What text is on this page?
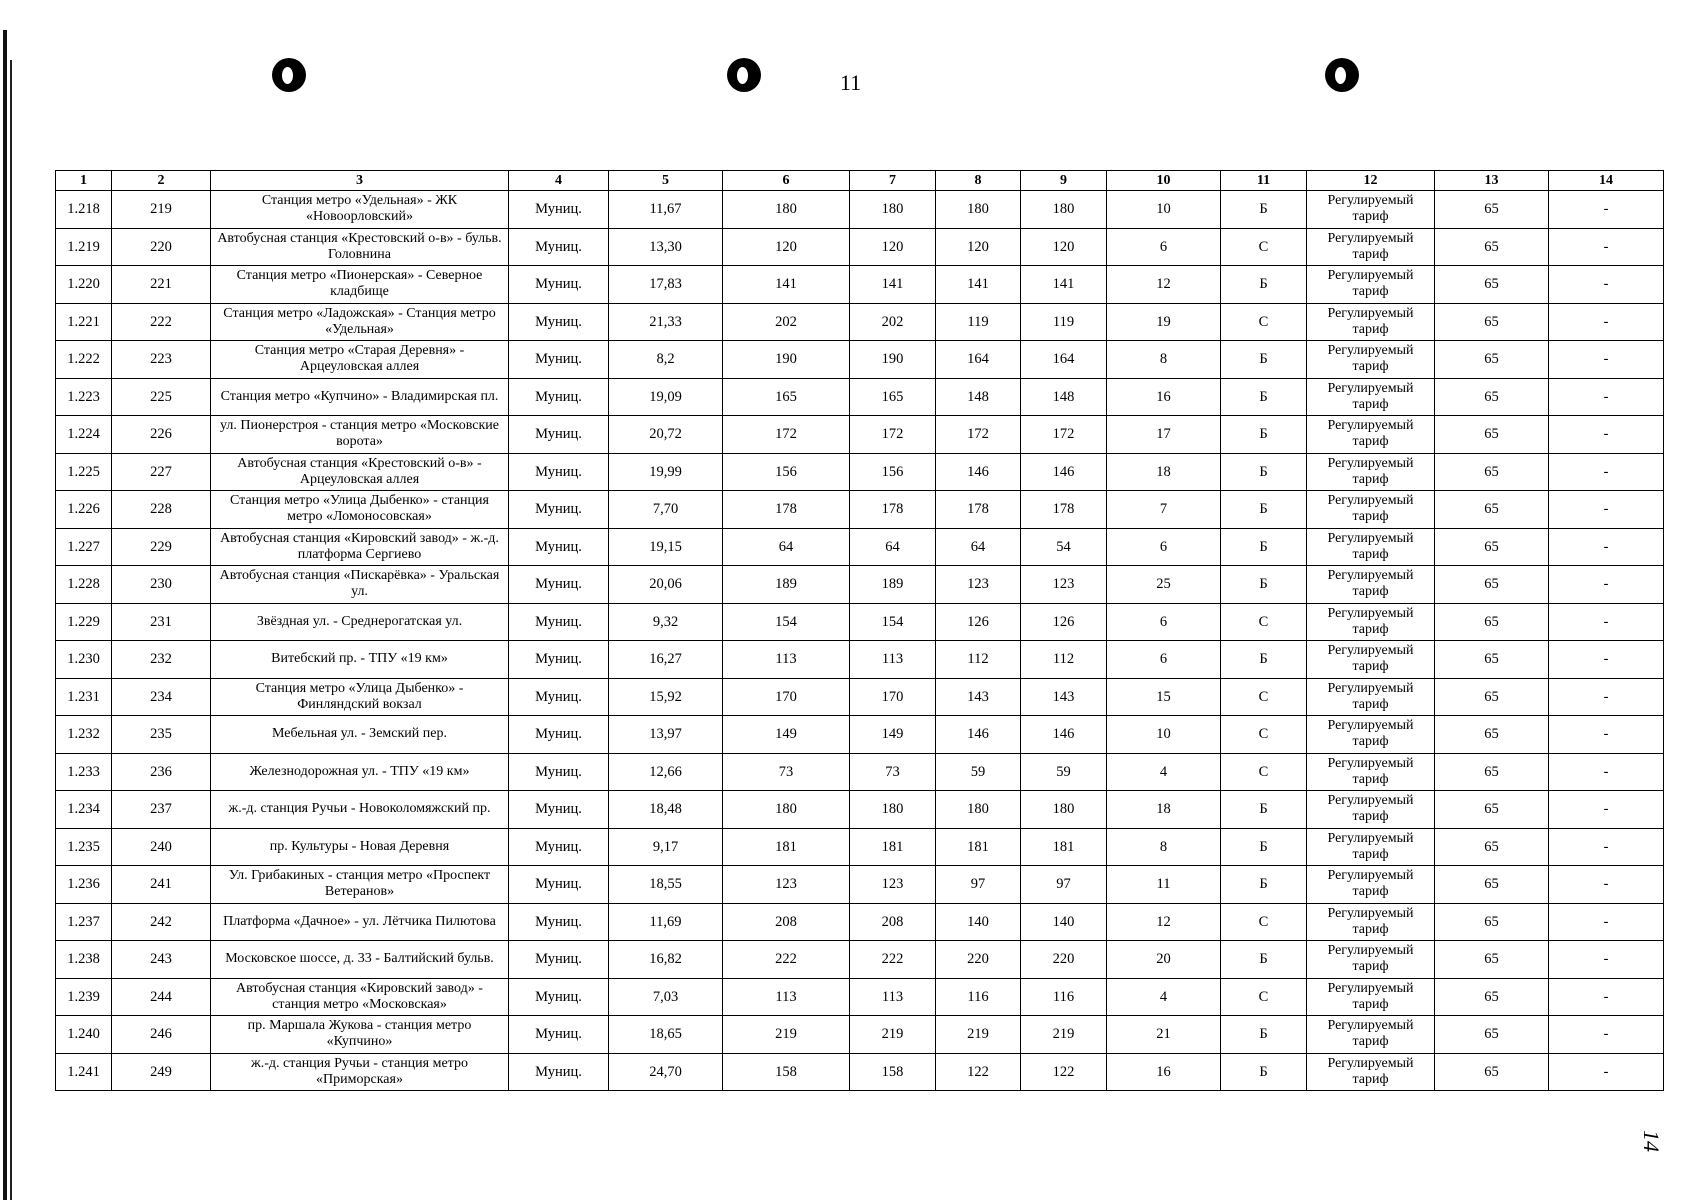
11
14
1	2	3	4	5	6	7	8	9	10	11	12	13	14
1.218	219	Станция метро «Удельная» - ЖК «Новоорловский»	Муниц.	11,67	180	180	180	180	10	Б	Регулируемый тариф	65	-
1.219	220	Автобусная станция «Крестовский о-в» - бульв. Головнина	Муниц.	13,30	120	120	120	120	6	С	Регулируемый тариф	65	-
1.220	221	Станция метро «Пионерская» - Северное кладбище	Муниц.	17,83	141	141	141	141	12	Б	Регулируемый тариф	65	-
1.221	222	Станция метро «Ладожская» - Станция метро «Удельная»	Муниц.	21,33	202	202	119	119	19	С	Регулируемый тариф	65	-
1.222	223	Станция метро «Старая Деревня» - Арцеуловская аллея	Муниц.	8,2	190	190	164	164	8	Б	Регулируемый тариф	65	-
1.223	225	Станция метро «Купчино» - Владимирская пл.	Муниц.	19,09	165	165	148	148	16	Б	Регулируемый тариф	65	-
1.224	226	ул. Пионерстроя - станция метро «Московские ворота»	Муниц.	20,72	172	172	172	172	17	Б	Регулируемый тариф	65	-
1.225	227	Автобусная станция «Крестовский о-в» - Арцеуловская аллея	Муниц.	19,99	156	156	146	146	18	Б	Регулируемый тариф	65	-
1.226	228	Станция метро «Улица Дыбенко» - станция метро «Ломоносовская»	Муниц.	7,70	178	178	178	178	7	Б	Регулируемый тариф	65	-
1.227	229	Автобусная станция «Кировский завод» - ж.-д. платформа Сергиево	Муниц.	19,15	64	64	64	54	6	Б	Регулируемый тариф	65	-
1.228	230	Автобусная станция «Пискарёвка» - Уральская ул.	Муниц.	20,06	189	189	123	123	25	Б	Регулируемый тариф	65	-
1.229	231	Звёздная ул. - Среднерогатская ул.	Муниц.	9,32	154	154	126	126	6	С	Регулируемый тариф	65	-
1.230	232	Витебский пр. - ТПУ «19 км»	Муниц.	16,27	113	113	112	112	6	Б	Регулируемый тариф	65	-
1.231	234	Станция метро «Улица Дыбенко» - Финляндский вокзал	Муниц.	15,92	170	170	143	143	15	С	Регулируемый тариф	65	-
1.232	235	Мебельная ул. - Земский пер.	Муниц.	13,97	149	149	146	146	10	С	Регулируемый тариф	65	-
1.233	236	Железнодорожная ул. - ТПУ «19 км»	Муниц.	12,66	73	73	59	59	4	С	Регулируемый тариф	65	-
1.234	237	ж.-д. станция Ручьи - Новоколомяжский пр.	Муниц.	18,48	180	180	180	180	18	Б	Регулируемый тариф	65	-
1.235	240	пр. Культуры - Новая Деревня	Муниц.	9,17	181	181	181	181	8	Б	Регулируемый тариф	65	-
1.236	241	Ул. Грибакиных - станция метро «Проспект Ветеранов»	Муниц.	18,55	123	123	97	97	11	Б	Регулируемый тариф	65	-
1.237	242	Платформа «Дачное» - ул. Лётчика Пилютова	Муниц.	11,69	208	208	140	140	12	С	Регулируемый тариф	65	-
1.238	243	Московское шоссе, д. 33 - Балтийский бульв.	Муниц.	16,82	222	222	220	220	20	Б	Регулируемый тариф	65	-
1.239	244	Автобусная станция «Кировский завод» - станция метро «Московская»	Муниц.	7,03	113	113	116	116	4	С	Регулируемый тариф	65	-
1.240	246	пр. Маршала Жукова - станция метро «Купчино»	Муниц.	18,65	219	219	219	219	21	Б	Регулируемый тариф	65	-
1.241	249	ж.-д. станция Ручьи - станция метро «Приморская»	Муниц.	24,70	158	158	122	122	16	Б	Регулируемый тариф	65	-
